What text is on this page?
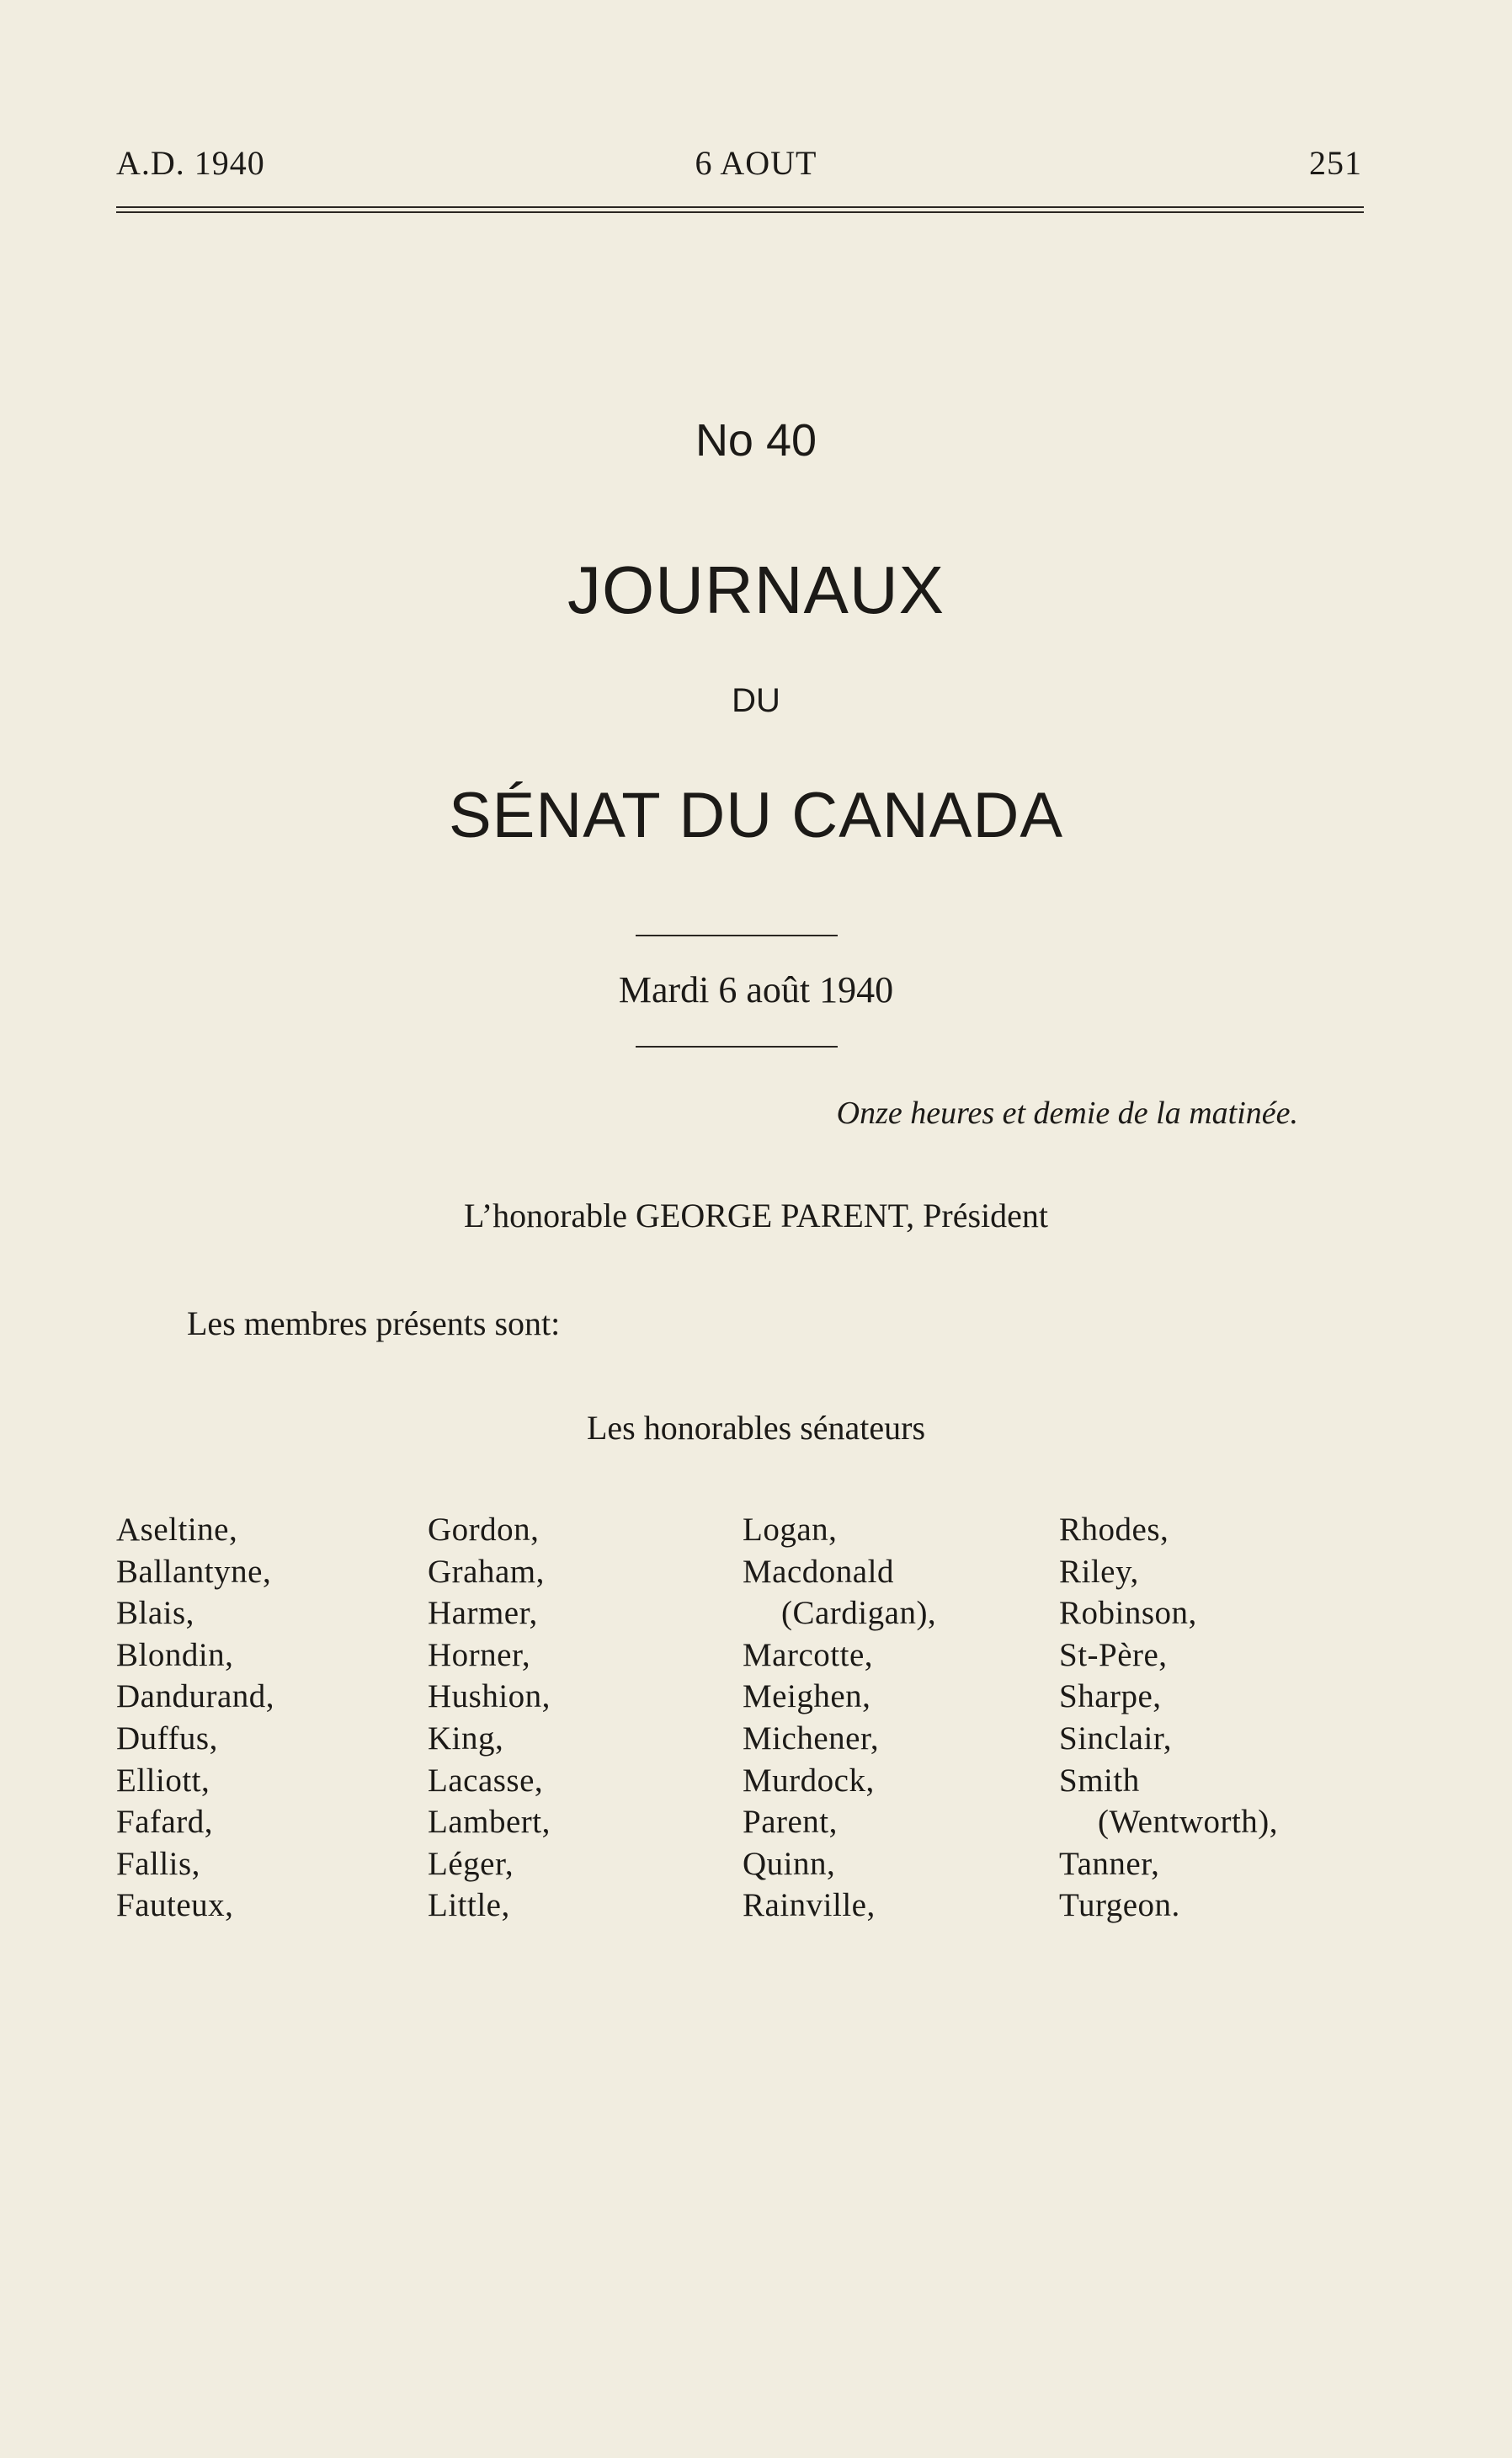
A.D. 1940	6 AOUT	251
No 40
JOURNAUX
DU
SÉNAT DU CANADA
Mardi 6 août 1940
Onze heures et demie de la matinée.
L’honorable GEORGE PARENT, Président
Les membres présents sont:
Les honorables sénateurs
Aseltine,
Ballantyne,
Blais,
Blondin,
Dandurand,
Duffus,
Elliott,
Fafard,
Fallis,
Fauteux,
Gordon,
Graham,
Harmer,
Horner,
Hushion,
King,
Lacasse,
Lambert,
Léger,
Little,
Logan,
Macdonald
(Cardigan),
Marcotte,
Meighen,
Michener,
Murdock,
Parent,
Quinn,
Rainville,
Rhodes,
Riley,
Robinson,
St-Père,
Sharpe,
Sinclair,
Smith
(Wentworth),
Tanner,
Turgeon.
